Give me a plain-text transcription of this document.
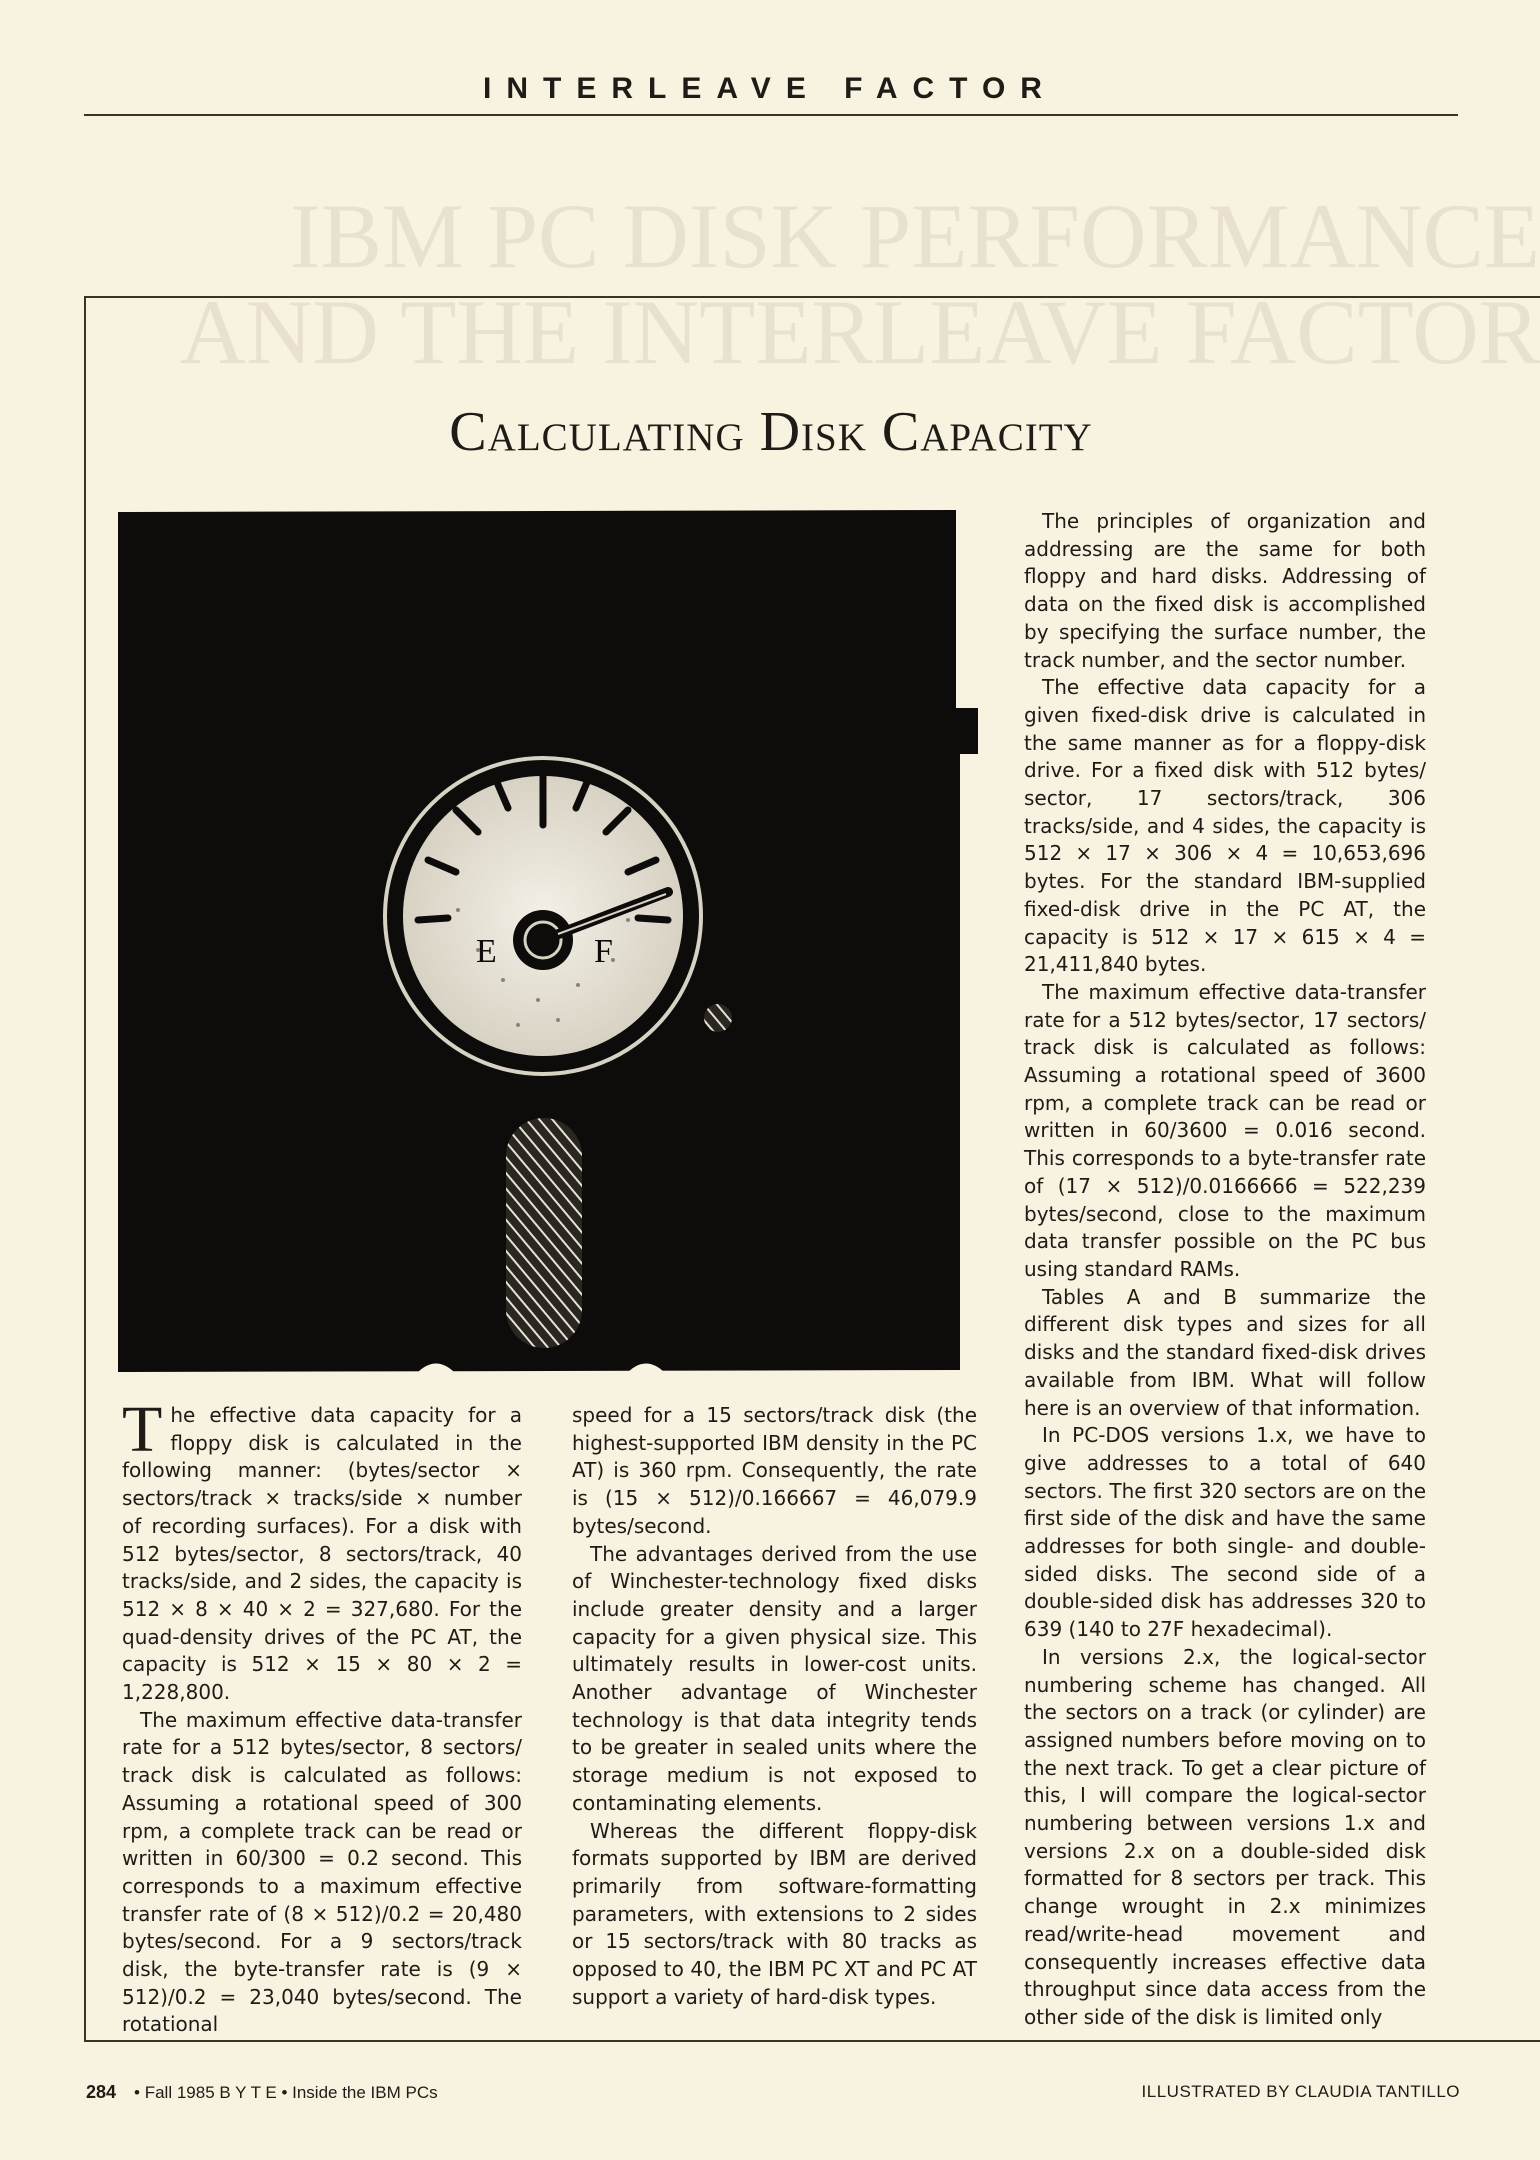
INTERLEAVE FACTOR
IBM PC DISK PERFORMANCE
AND THE INTERLEAVE FACTOR
Calculating Disk Capacity
E	F

The effective data capacity for a floppy disk is calculated in the following manner: (bytes/sector × sectors/track × tracks/side × number of recording surfaces). For a disk with 512 bytes/sector, 8 sectors/track, 40 tracks/side, and 2 sides, the capacity is 512 × 8 × 40 × 2 = 327,680. For the quad-density drives of the PC AT, the capacity is 512 × 15 × 80 × 2 = 1,228,800.

The maximum effective data-transfer rate for a 512 bytes/sector, 8 sectors/ track disk is calculated as follows: Assuming a rotational speed of 300 rpm, a complete track can be read or written in 60/300 = 0.2 second. This corresponds to a maximum effective transfer rate of (8 × 512)/0.2 = 20,480 bytes/second. For a 9 sectors/track disk, the byte-transfer rate is (9 × 512)/0.2 = 23,040 bytes/second. The rotational

speed for a 15 sectors/track disk (the highest-supported IBM density in the PC AT) is 360 rpm. Consequently, the rate is (15 × 512)/0.166667 = 46,079.9 bytes/second.

The advantages derived from the use of Winchester-technology fixed disks include greater density and a larger capacity for a given physical size. This ultimately results in lower-cost units. Another advantage of Winchester technology is that data integrity tends to be greater in sealed units where the storage medium is not exposed to contaminating elements.

Whereas the different floppy-disk formats supported by IBM are derived primarily from software-formatting parameters, with extensions to 2 sides or 15 sectors/track with 80 tracks as opposed to 40, the IBM PC XT and PC AT support a variety of hard-disk types.

The principles of organization and addressing are the same for both floppy and hard disks. Addressing of data on the fixed disk is accomplished by specifying the surface number, the track number, and the sector number.

The effective data capacity for a given fixed-disk drive is calculated in the same manner as for a floppy-disk drive. For a fixed disk with 512 bytes/ sector, 17 sectors/track, 306 tracks/side, and 4 sides, the capacity is 512 × 17 × 306 × 4 = 10,653,696 bytes. For the standard IBM-supplied fixed-disk drive in the PC AT, the capacity is 512 × 17 × 615 × 4 = 21,411,840 bytes.

The maximum effective data-transfer rate for a 512 bytes/sector, 17 sectors/ track disk is calculated as follows: Assuming a rotational speed of 3600 rpm, a complete track can be read or written in 60/3600 = 0.016 second. This corresponds to a byte-transfer rate of (17 × 512)/0.0166666 = 522,239 bytes/second, close to the maximum data transfer possible on the PC bus using standard RAMs.

Tables A and B summarize the different disk types and sizes for all disks and the standard fixed-disk drives available from IBM. What will follow here is an overview of that information.

In PC-DOS versions 1.x, we have to give addresses to a total of 640 sectors. The first 320 sectors are on the first side of the disk and have the same addresses for both single- and double-sided disks. The second side of a double-sided disk has addresses 320 to 639 (140 to 27F hexadecimal).

In versions 2.x, the logical-sector numbering scheme has changed. All the sectors on a track (or cylinder) are assigned numbers before moving on to the next track. To get a clear picture of this, I will compare the logical-sector numbering between versions 1.x and versions 2.x on a double-sided disk formatted for 8 sectors per track. This change wrought in 2.x minimizes read/write-head movement and consequently increases effective data throughput since data access from the other side of the disk is limited only

284 • Fall 1985 B Y T E • Inside the IBM PCs	ILLUSTRATED BY CLAUDIA TANTILLO
